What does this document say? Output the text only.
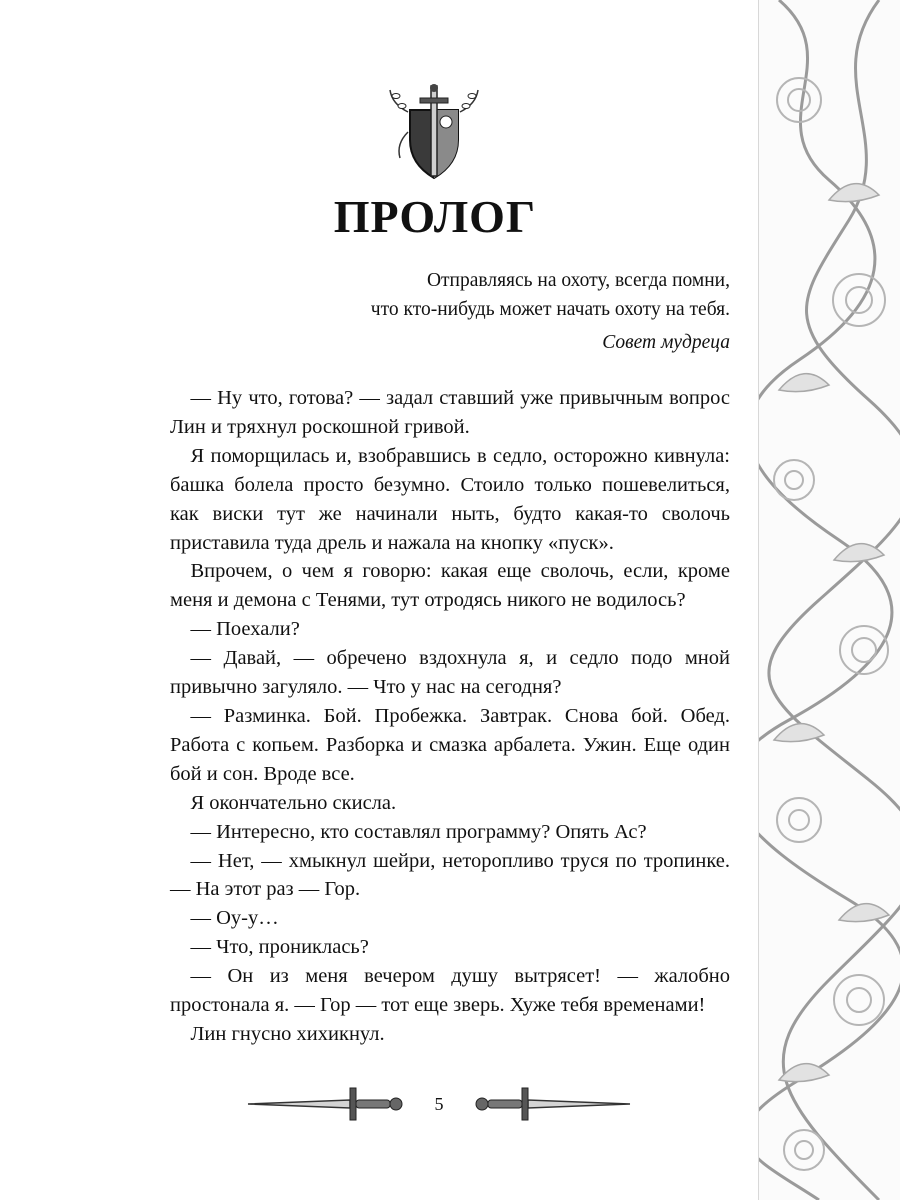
ПРОЛОГ
Отправляясь на охоту, всегда помни,
что кто-нибудь может начать охоту на тебя.
Совет мудреца

— Ну что, готова? — задал ставший уже привычным вопрос Лин и тряхнул роскошной гривой.

Я поморщилась и, взобравшись в седло, осторожно кивнула: башка болела просто безумно. Стоило только пошевелиться, как виски тут же начинали ныть, будто какая-то сволочь приставила туда дрель и нажала на кнопку «пуск».

Впрочем, о чем я говорю: какая еще сволочь, если, кроме меня и демона с Тенями, тут отродясь никого не водилось?

— Поехали?

— Давай, — обречено вздохнула я, и седло подо мной привычно загуляло. — Что у нас на сегодня?

— Разминка. Бой. Пробежка. Завтрак. Снова бой. Обед. Работа с копьем. Разборка и смазка арбалета. Ужин. Еще один бой и сон. Вроде все.

Я окончательно скисла.

— Интересно, кто составлял программу? Опять Ас?

— Нет, — хмыкнул шейри, неторопливо труся по тропинке. — На этот раз — Гор.

— Оу-у…

— Что, прониклась?

— Он из меня вечером душу вытрясет! — жалобно простонала я. — Гор — тот еще зверь. Хуже тебя временами!

Лин гнусно хихикнул.

5
